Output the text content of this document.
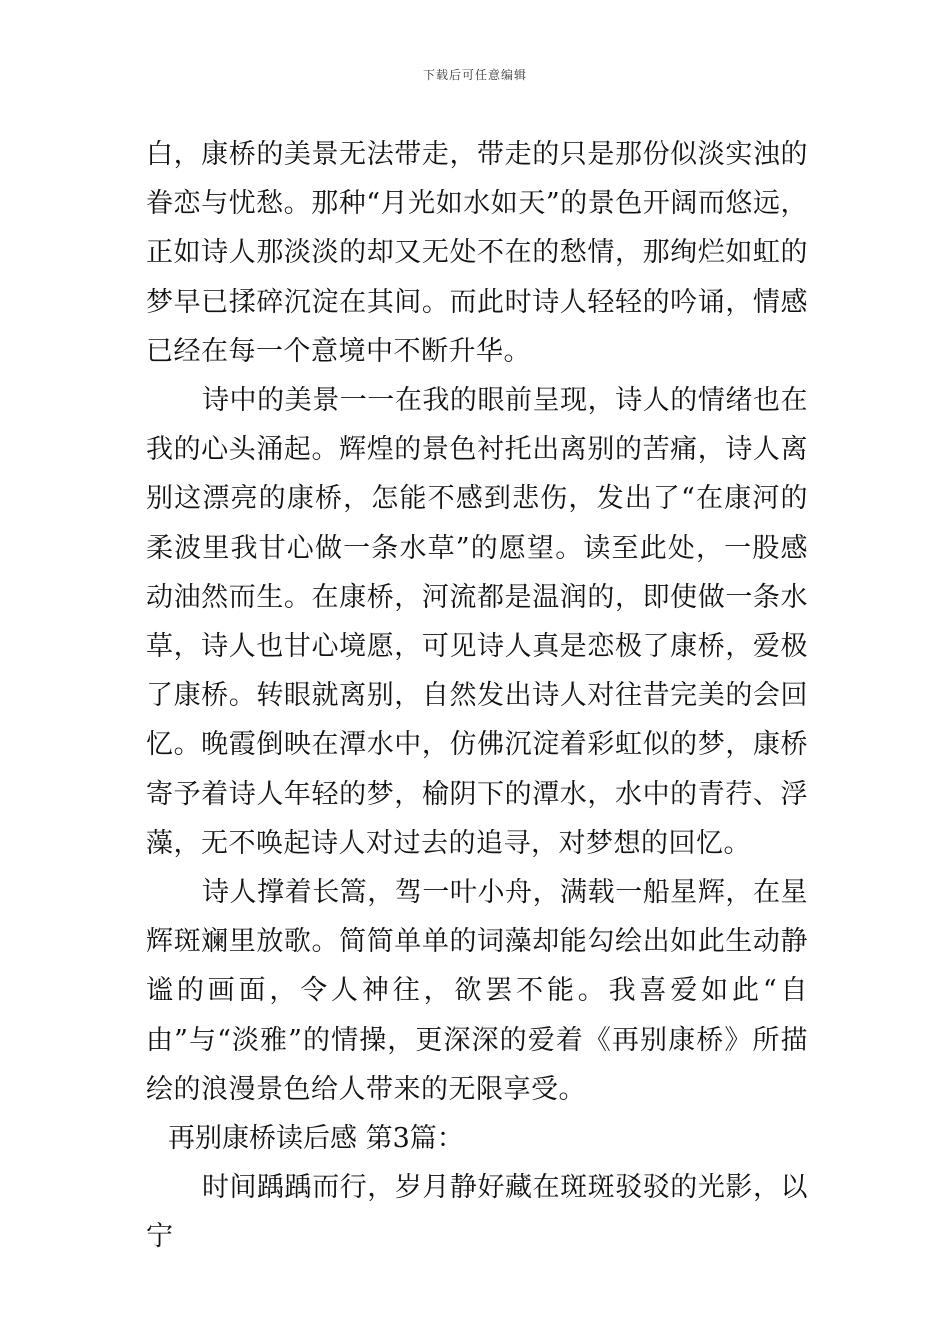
下载后可任意编辑

白，康桥的美景无法带走，带走的只是那份似淡实浊的眷恋与忧愁。那种“月光如水如天”的景色开阔而悠远，正如诗人那淡淡的却又无处不在的愁情，那绚烂如虹的梦早已揉碎沉淀在其间。而此时诗人轻轻的吟诵，情感已经在每一个意境中不断升华。

诗中的美景一一在我的眼前呈现，诗人的情绪也在我的心头涌起。辉煌的景色衬托出离别的苦痛，诗人离别这漂亮的康桥，怎能不感到悲伤，发出了“在康河的柔波里我甘心做一条水草”的愿望。读至此处，一股感动油然而生。在康桥，河流都是温润的，即使做一条水草，诗人也甘心境愿，可见诗人真是恋极了康桥，爱极了康桥。转眼就离别，自然发出诗人对往昔完美的会回忆。晚霞倒映在潭水中，仿佛沉淀着彩虹似的梦，康桥寄予着诗人年轻的梦，榆阴下的潭水，水中的青荇、浮藻，无不唤起诗人对过去的追寻，对梦想的回忆。

诗人撑着长篙，驾一叶小舟，满载一船星辉，在星辉斑斓里放歌。简简单单的词藻却能勾绘出如此生动静谧的画面，令人神往，欲罢不能。我喜爱如此“自由”与“淡雅”的情操，更深深的爱着《再别康桥》所描绘的浪漫景色给人带来的无限享受。

再别康桥读后感 第3篇：

时间踽踽而行，岁月静好藏在斑斑驳驳的光影，以宁
